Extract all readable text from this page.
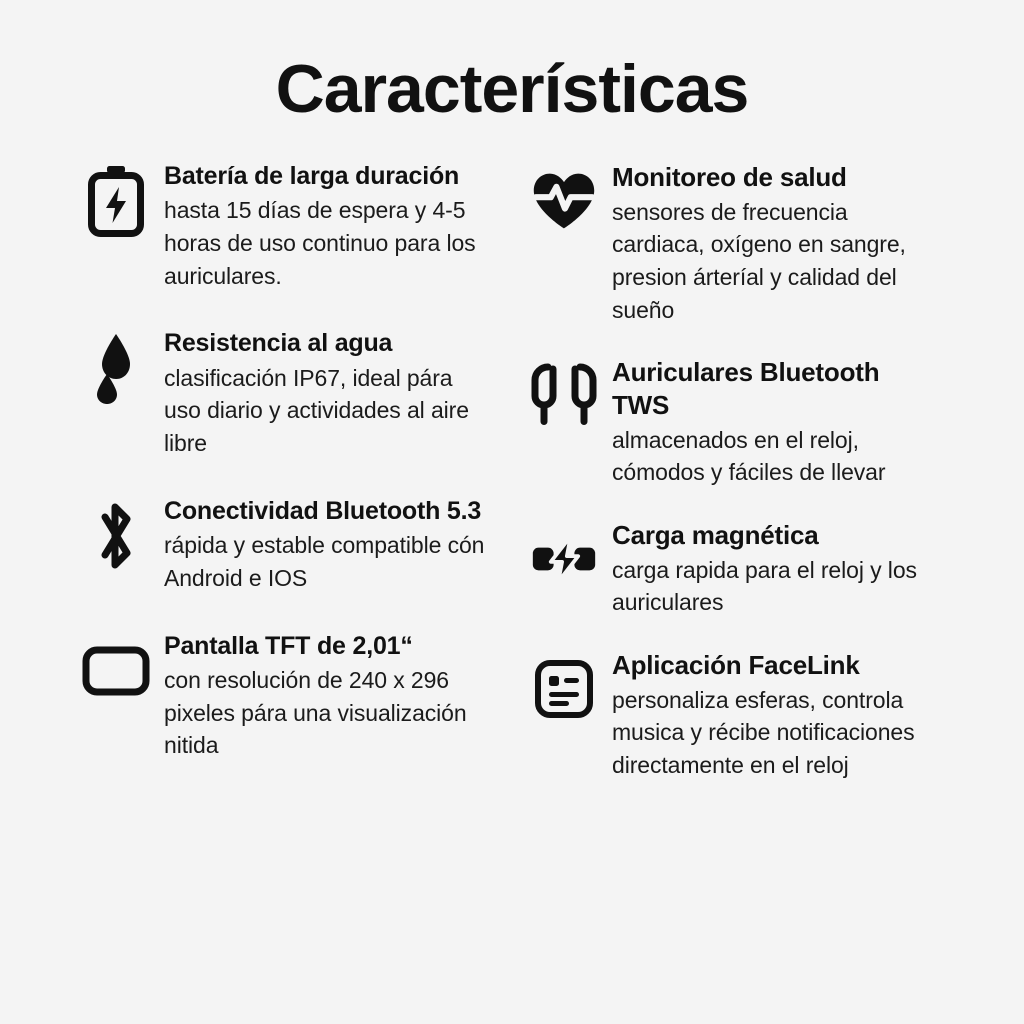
Características

Batería de larga duración

hasta 15 días de espera y 4-5 horas de uso continuo para los auriculares.

Resistencia al agua

clasificación IP67, ideal pára uso diario y actividades al aire libre

Conectividad Bluetooth 5.3

rápida y estable compatible cón Android e IOS

Pantalla TFT de 2,01“

con resolución de 240 x 296 pixeles pára una visualización nitida

Monitoreo de salud

sensores de frecuencia cardiaca, oxígeno en sangre, presion árteríal y calidad del sueño

Auriculares Bluetooth TWS

almacenados en el reloj, cómodos y fáciles de llevar

Carga magnética

carga rapida para el reloj y los auriculares

Aplicación FaceLink

personaliza esferas, controla musica y récibe notificaciones directamente en el reloj
